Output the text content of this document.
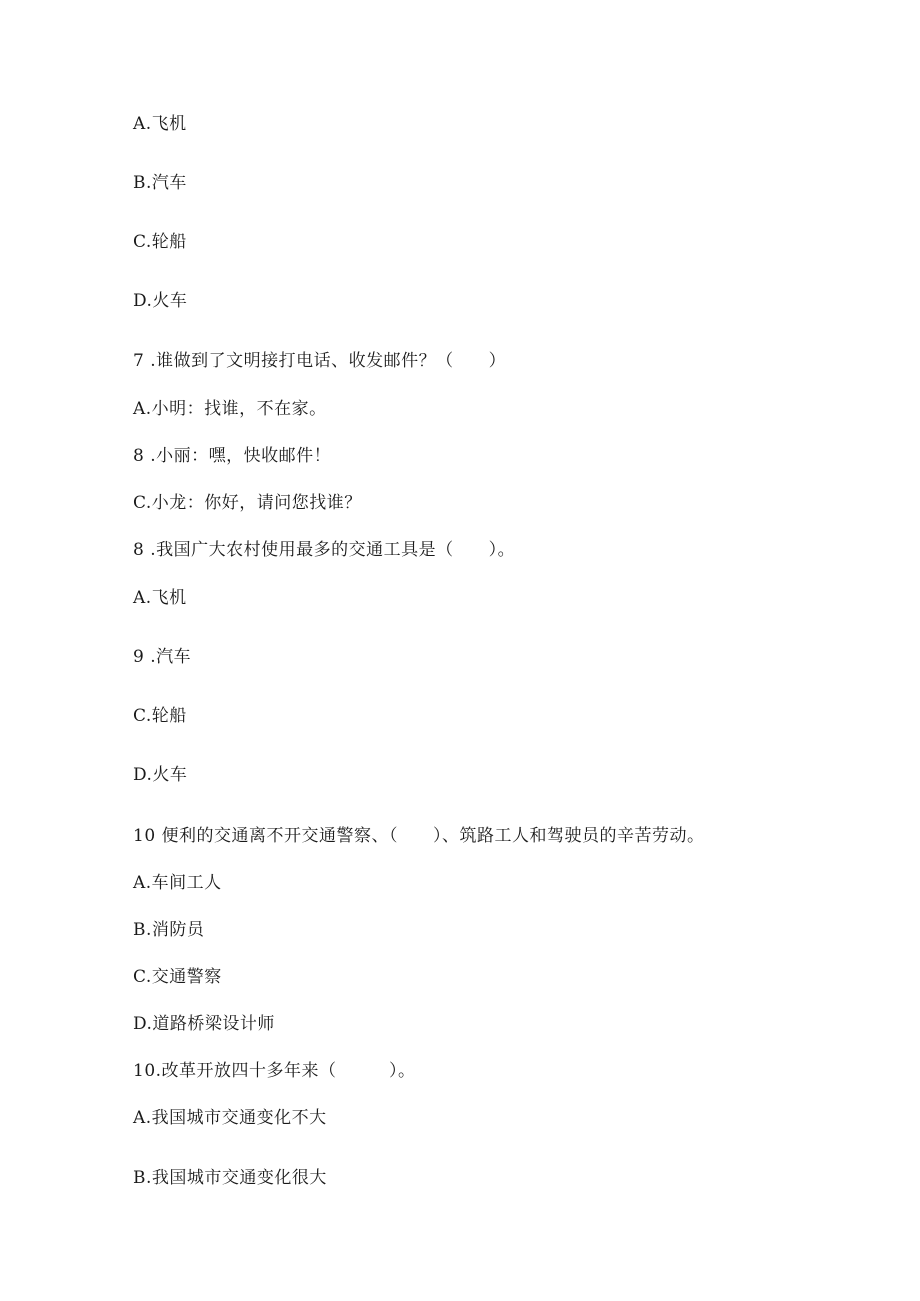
A.飞机
B.汽车
C.轮船
D.火车
7 .谁做到了文明接打电话、收发邮件？（　　）
A.小明：找谁，不在家。
8 .小丽：嘿，快收邮件！
C.小龙：你好，请问您找谁？
8 .我国广大农村使用最多的交通工具是（　　）。
A.飞机
9 .汽车
C.轮船
D.火车
10 便利的交通离不开交通警察、（　　）、筑路工人和驾驶员的辛苦劳动。
A.车间工人
B.消防员
C.交通警察
D.道路桥梁设计师
10.改革开放四十多年来（　　　）。
A.我国城市交通变化不大
B.我国城市交通变化很大
